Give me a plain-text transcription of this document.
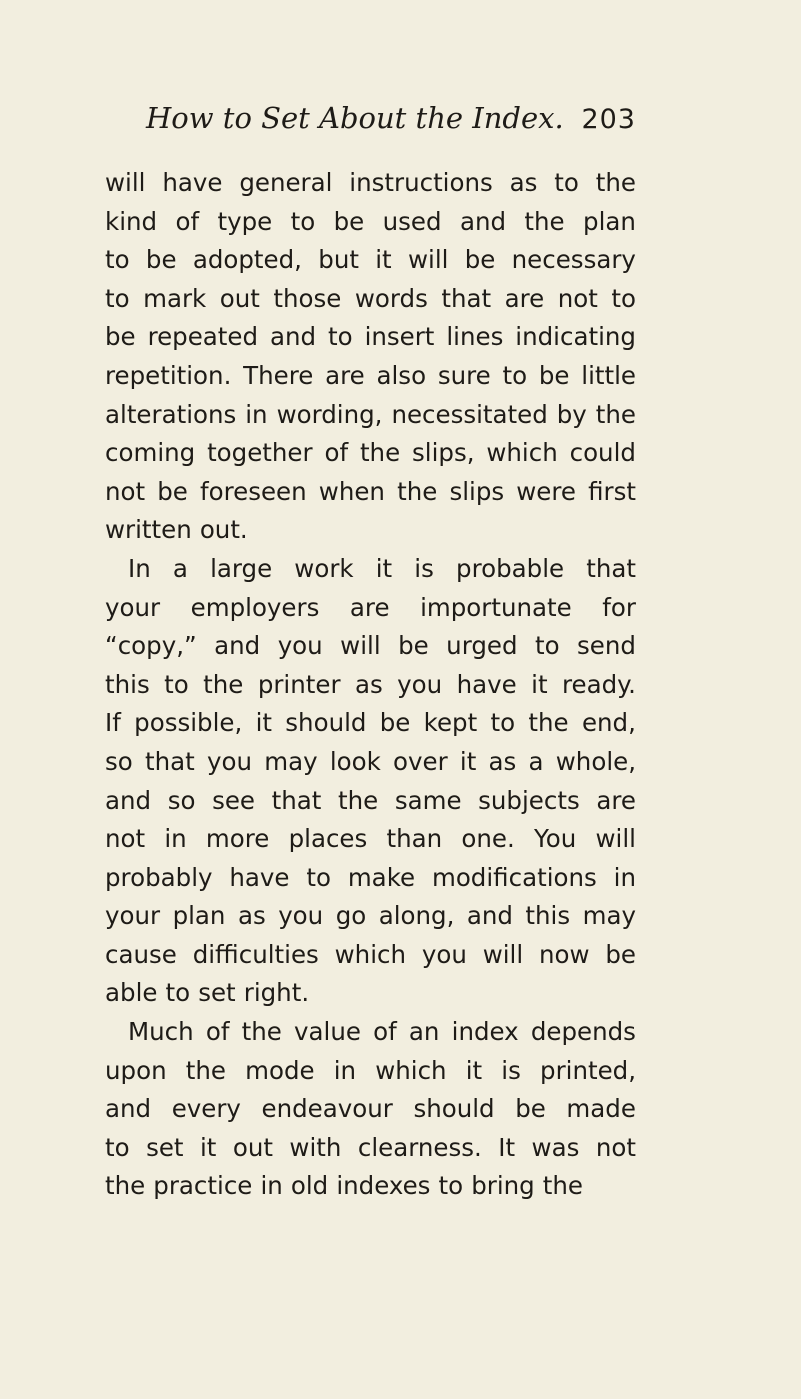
How to Set About the Index. 203
will have general instructions as to the
kind of type to be used and the plan
to be adopted, but it will be necessary
to mark out those words that are not to
be repeated and to insert lines indicating
repetition. There are also sure to be little
alterations in wording, necessitated by the
coming together of the slips, which could
not be foreseen when the slips were first
written out.
In a large work it is probable that
your employers are importunate for
“copy,” and you will be urged to send
this to the printer as you have it ready.
If possible, it should be kept to the end,
so that you may look over it as a whole,
and so see that the same subjects are
not in more places than one. You will
probably have to make modifications in
your plan as you go along, and this may
cause difficulties which you will now be
able to set right.
Much of the value of an index depends
upon the mode in which it is printed,
and every endeavour should be made
to set it out with clearness. It was not
the practice in old indexes to bring the
